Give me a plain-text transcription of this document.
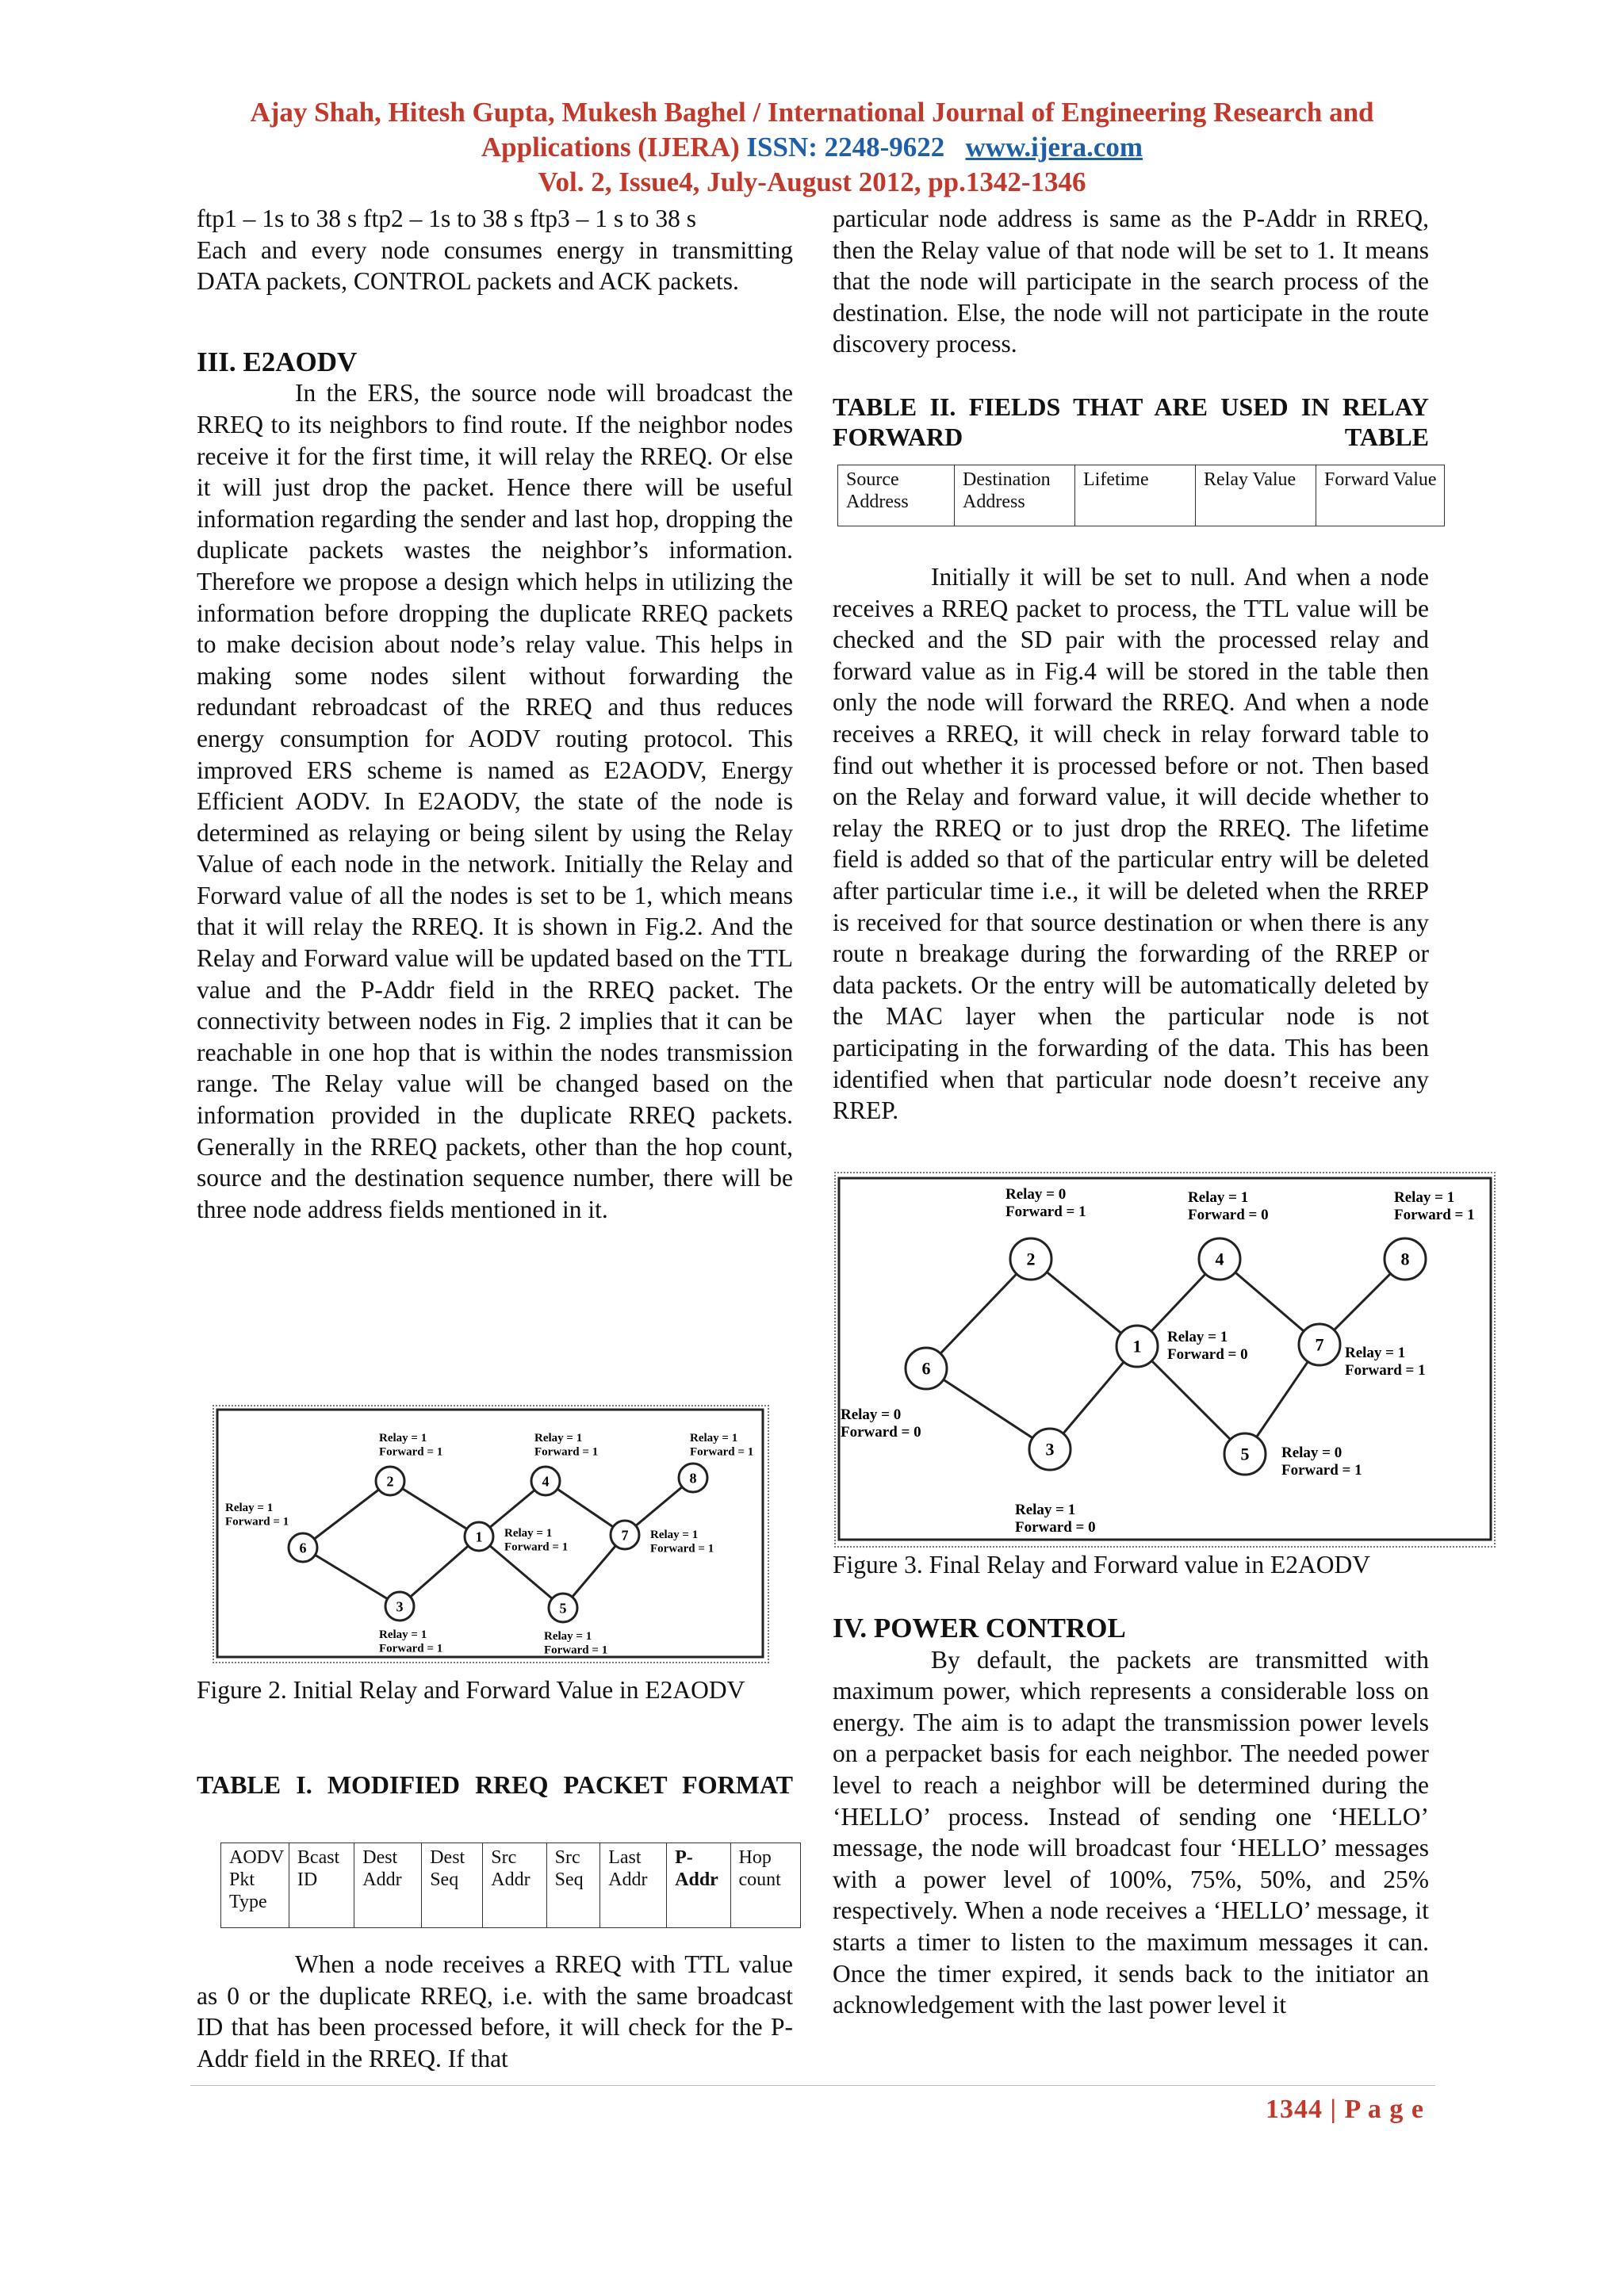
Ajay Shah, Hitesh Gupta, Mukesh Baghel / International Journal of Engineering Research and
Applications (IJERA) ISSN: 2248-9622 www.ijera.com
Vol. 2, Issue4, July-August 2012, pp.1342-1346

ftp1 – 1s to 38 s ftp2 – 1s to 38 s ftp3 – 1 s to 38 s

Each and every node consumes energy in transmitting DATA packets, CONTROL packets and ACK packets.

III. E2AODV

In the ERS, the source node will broadcast the RREQ to its neighbors to find route. If the neighbor nodes receive it for the first time, it will relay the RREQ. Or else it will just drop the packet. Hence there will be useful information regarding the sender and last hop, dropping the duplicate packets wastes the neighbor’s information. Therefore we propose a design which helps in utilizing the information before dropping the duplicate RREQ packets to make decision about node’s relay value. This helps in making some nodes silent without forwarding the redundant rebroadcast of the RREQ and thus reduces energy consumption for AODV routing protocol. This improved ERS scheme is named as E2AODV, Energy Efficient AODV. In E2AODV, the state of the node is determined as relaying or being silent by using the Relay Value of each node in the network. Initially the Relay and Forward value of all the nodes is set to be 1, which means that it will relay the RREQ. It is shown in Fig.2. And the Relay and Forward value will be updated based on the TTL value and the P-Addr field in the RREQ packet. The connectivity between nodes in Fig. 2 implies that it can be reachable in one hop that is within the nodes transmission range. The Relay value will be changed based on the information provided in the duplicate RREQ packets. Generally in the RREQ packets, other than the hop count, source and the destination sequence number, there will be three node address fields mentioned in it.

6
Relay = 1
Forward = 1
2
Relay = 1
Forward = 1
3
Relay = 1
Forward = 1
1 Relay = 1
Forward = 1
4
Relay = 1
Forward = 1
5
Relay = 1
Forward = 1
7 Relay = 1
Forward = 1
8
Relay = 1
Forward = 1
Figure 2. Initial Relay and Forward Value in E2AODV
TABLE I. MODIFIED RREQ PACKET FORMAT
AODV Pkt Type	Bcast ID	Dest Addr	Dest Seq	Src Addr	Src Seq	Last Addr	P-Addr	Hop count
When a node receives a RREQ with TTL value as 0 or the duplicate RREQ, i.e. with the same broadcast ID that has been processed before, it will check for the P-Addr field in the RREQ. If that
particular node address is same as the P-Addr in RREQ, then the Relay value of that node will be set to 1. It means that the node will participate in the search process of the destination. Else, the node will not participate in the route discovery process.
TABLE II. FIELDS THAT ARE USED IN RELAY FORWARD TABLE
Source Address	Destination Address	Lifetime	Relay Value	Forward Value
Initially it will be set to null. And when a node receives a RREQ packet to process, the TTL value will be checked and the SD pair with the processed relay and forward value as in Fig.4 will be stored in the table then only the node will forward the RREQ. And when a node receives a RREQ, it will check in relay forward table to find out whether it is processed before or not. Then based on the Relay and forward value, it will decide whether to relay the RREQ or to just drop the RREQ. The lifetime field is added so that of the particular entry will be deleted after particular time i.e., it will be deleted when the RREP is received for that source destination or when there is any route n breakage during the forwarding of the RREP or data packets. Or the entry will be automatically deleted by the MAC layer when the particular node is not participating in the forwarding of the data. This has been identified when that particular node doesn’t receive any RREP.
6
Relay = 0
Forward = 0
2
Relay = 0
Forward = 1
3
Relay = 1
Forward = 0
1 Relay = 1
Forward = 0
4
Relay = 1
Forward = 0
5 Relay = 0
Forward = 1
7 Relay = 1
Forward = 1
8
Relay = 1
Forward = 1
Figure 3. Final Relay and Forward value in E2AODV

IV. POWER CONTROL

By default, the packets are transmitted with maximum power, which represents a considerable loss on energy. The aim is to adapt the transmission power levels on a perpacket basis for each neighbor. The needed power level to reach a neighbor will be determined during the ‘HELLO’ process. Instead of sending one ‘HELLO’ message, the node will broadcast four ‘HELLO’ messages with a power level of 100%, 75%, 50%, and 25% respectively. When a node receives a ‘HELLO’ message, it starts a timer to listen to the maximum messages it can. Once the timer expired, it sends back to the initiator an acknowledgement with the last power level it

1344 | P a g e
